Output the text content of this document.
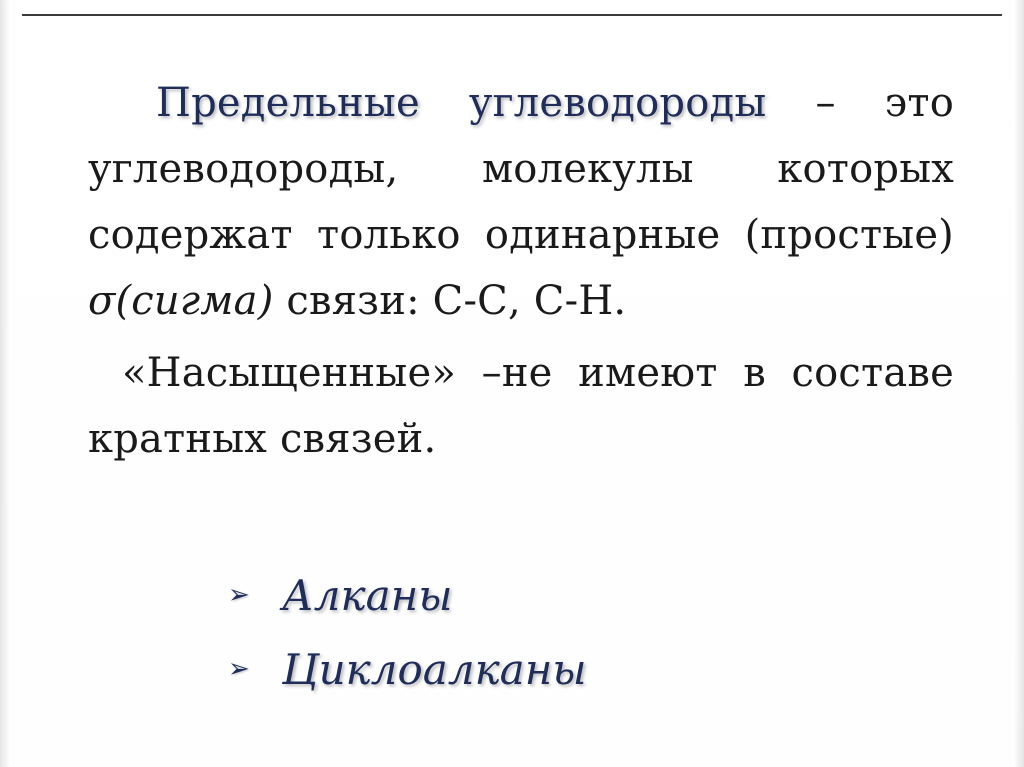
Предельные углеводороды – это углеводороды, молекулы которых содержат только одинарные (простые) σ(сигма) связи: С-С, С-Н.

«Насыщенные» –не имеют в составе кратных связей.

➢ Алканы
➢ Циклоалканы
